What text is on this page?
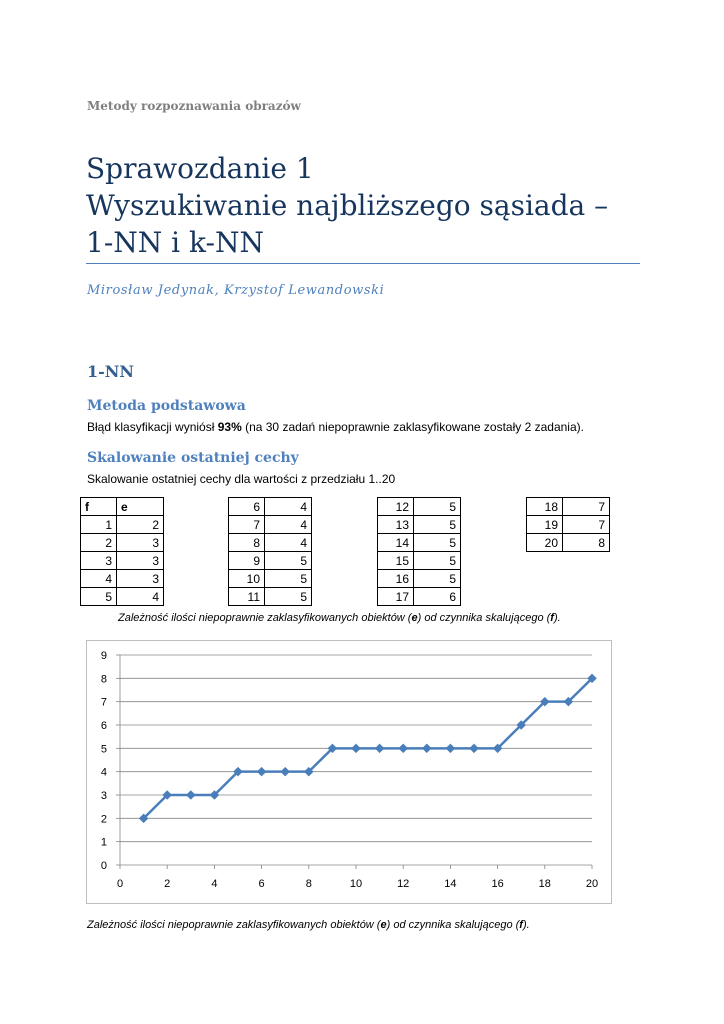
Metody rozpoznawania obrazów
Sprawozdanie 1
Wyszukiwanie najbliższego sąsiada –
1-NN i k-NN
Mirosław Jedynak, Krzystof Lewandowski
1-NN
Metoda podstawowa
Błąd klasyfikacji wyniósł 93% (na 30 zadań niepoprawnie zaklasyfikowane zostały 2 zadania).
Skalowanie ostatniej cechy
Skalowanie ostatniej cechy dla wartości z przedziału 1..20
f	e
1	2
2	3
3	3
4	3
5	4
6	4
7	4
8	4
9	5
10	5
11	5
12	5
13	5
14	5
15	5
16	5
17	6
18	7
19	7
20	8
Zależność ilości niepoprawnie zaklasyfikowanych obiektów (e) od czynnika skalującego (f).
0
1
2
3
4
5
6
7
8
9
0	2	4	6	8	10	12	14	16	18	20
Zależność ilości niepoprawnie zaklasyfikowanych obiektów (e) od czynnika skalującego (f).
